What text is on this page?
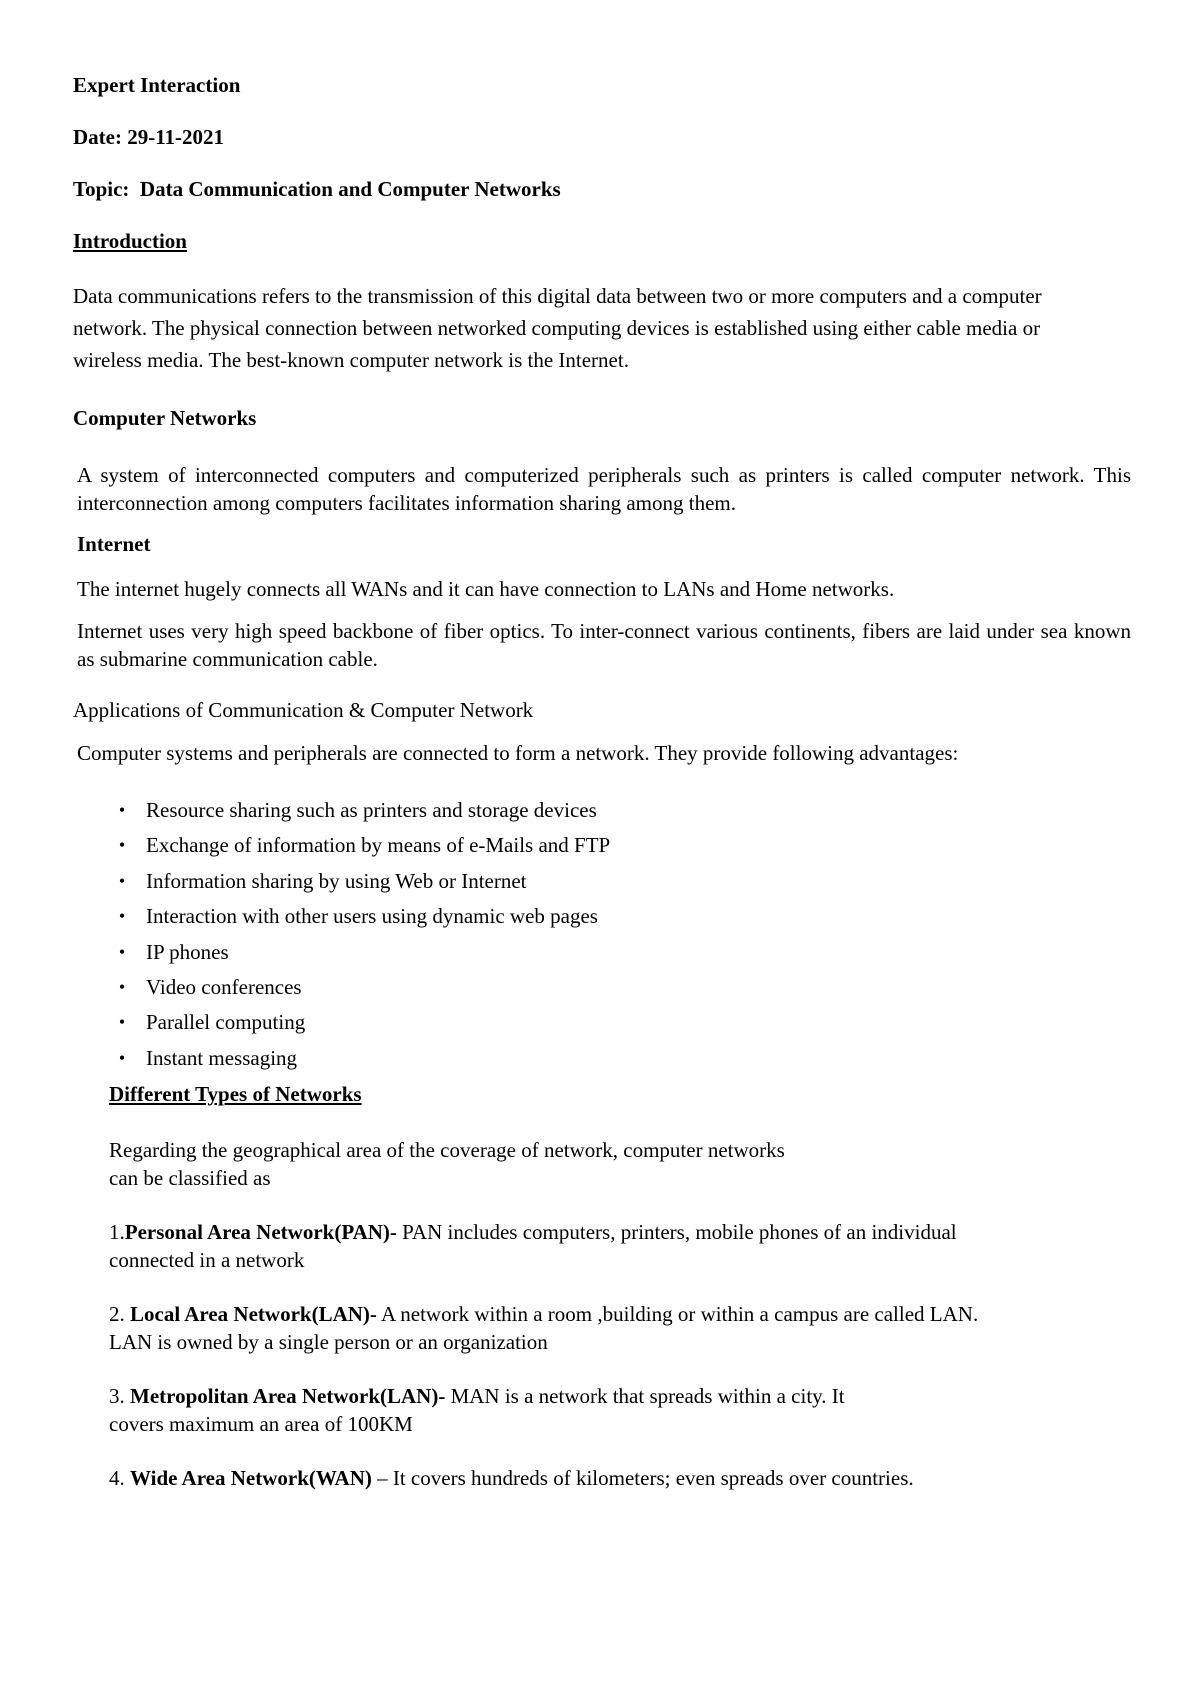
Expert Interaction

Date: 29-11-2021

Topic:  Data Communication and Computer Networks

Introduction

Data communications refers to the transmission of this digital data between two or more computers and a computer network. The physical connection between networked computing devices is established using either cable media or wireless media. The best-known computer network is the Internet.

Computer Networks

A system of interconnected computers and computerized peripherals such as printers is called computer network. This interconnection among computers facilitates information sharing among them.

Internet

The internet hugely connects all WANs and it can have connection to LANs and Home networks.

Internet uses very high speed backbone of fiber optics. To inter-connect various continents, fibers are laid under sea known  as submarine communication cable.

Applications of Communication & Computer Network

Computer systems and peripherals are connected to form a network. They provide following advantages:

• Resource sharing such as printers and storage devices
• Exchange of information by means of e-Mails and FTP
• Information sharing by using Web or Internet
• Interaction with other users using dynamic web pages
• IP phones
• Video conferences
• Parallel computing
• Instant messaging

Different Types of Networks

Regarding the geographical area of the coverage of network, computer networks

can be classified as

1.Personal Area Network(PAN)- PAN includes computers, printers, mobile phones of an individual

connected in a network

2. Local Area Network(LAN)- A network within a room ,building or within a campus are called LAN.

LAN is owned by a single person or an organization

3. Metropolitan Area Network(LAN)- MAN is a network that spreads within a city. It

covers maximum an area of 100KM

4. Wide Area Network(WAN) – It covers hundreds of kilometers; even spreads over countries.
